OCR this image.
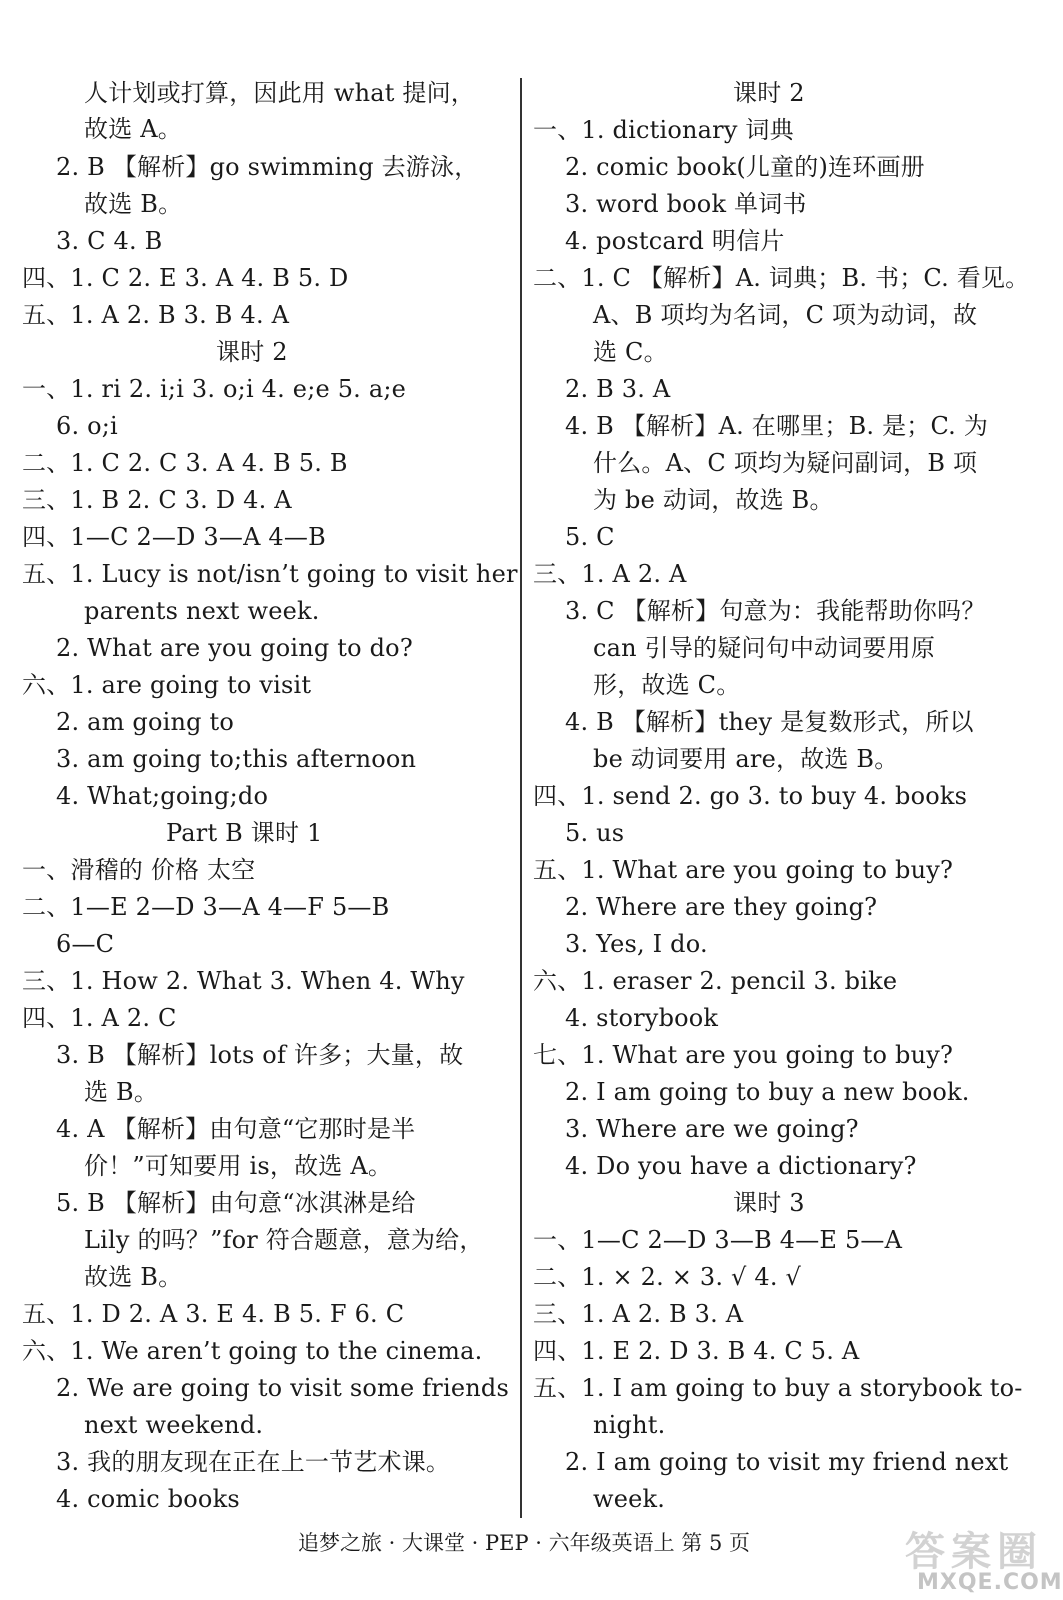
人计划或打算，因此用 what 提问，
故选 A。
2. B 【解析】go swimming 去游泳，
故选 B。
3. C 4. B
四、1. C 2. E 3. A 4. B 5. D
五、1. A 2. B 3. B 4. A
课时 2
一、1. ri 2. i;i 3. o;i 4. e;e 5. a;e
6. o;i
二、1. C 2. C 3. A 4. B 5. B
三、1. B 2. C 3. D 4. A
四、1—C 2—D 3—A 4—B
五、1. Lucy is not/isn’t going to visit her
parents next week.
2. What are you going to do?
六、1. are going to visit
2. am going to
3. am going to;this afternoon
4. What;going;do
Part B 课时 1
一、滑稽的 价格 太空
二、1—E 2—D 3—A 4—F 5—B
6—C
三、1. How 2. What 3. When 4. Why
四、1. A 2. C
3. B 【解析】lots of 许多；大量，故
选 B。
4. A 【解析】由句意“它那时是半
价！”可知要用 is，故选 A。
5. B 【解析】由句意“冰淇淋是给
Lily 的吗？”for 符合题意，意为给，
故选 B。
五、1. D 2. A 3. E 4. B 5. F 6. C
六、1. We aren’t going to the cinema.
2. We are going to visit some friends
next weekend.
3. 我的朋友现在正在上一节艺术课。
4. comic books
课时 2
一、1. dictionary 词典
2. comic book(儿童的)连环画册
3. word book 单词书
4. postcard 明信片
二、1. C 【解析】A. 词典；B. 书；C. 看见。
A、B 项均为名词，C 项为动词，故
选 C。
2. B 3. A
4. B 【解析】A. 在哪里；B. 是；C. 为
什么。A、C 项均为疑问副词，B 项
为 be 动词，故选 B。
5. C
三、1. A 2. A
3. C 【解析】句意为：我能帮助你吗？
can 引导的疑问句中动词要用原
形，故选 C。
4. B 【解析】they 是复数形式，所以
be 动词要用 are，故选 B。
四、1. send 2. go 3. to buy 4. books
5. us
五、1. What are you going to buy?
2. Where are they going?
3. Yes, I do.
六、1. eraser 2. pencil 3. bike
4. storybook
七、1. What are you going to buy?
2. I am going to buy a new book.
3. Where are we going?
4. Do you have a dictionary?
课时 3
一、1—C 2—D 3—B 4—E 5—A
二、1. × 2. × 3. √ 4. √
三、1. A 2. B 3. A
四、1. E 2. D 3. B 4. C 5. A
五、1. I am going to buy a storybook to-
night.
2. I am going to visit my friend next
week.
追梦之旅 · 大课堂 · PEP · 六年级英语上 第 5 页	答案圈
MXQE.COM
